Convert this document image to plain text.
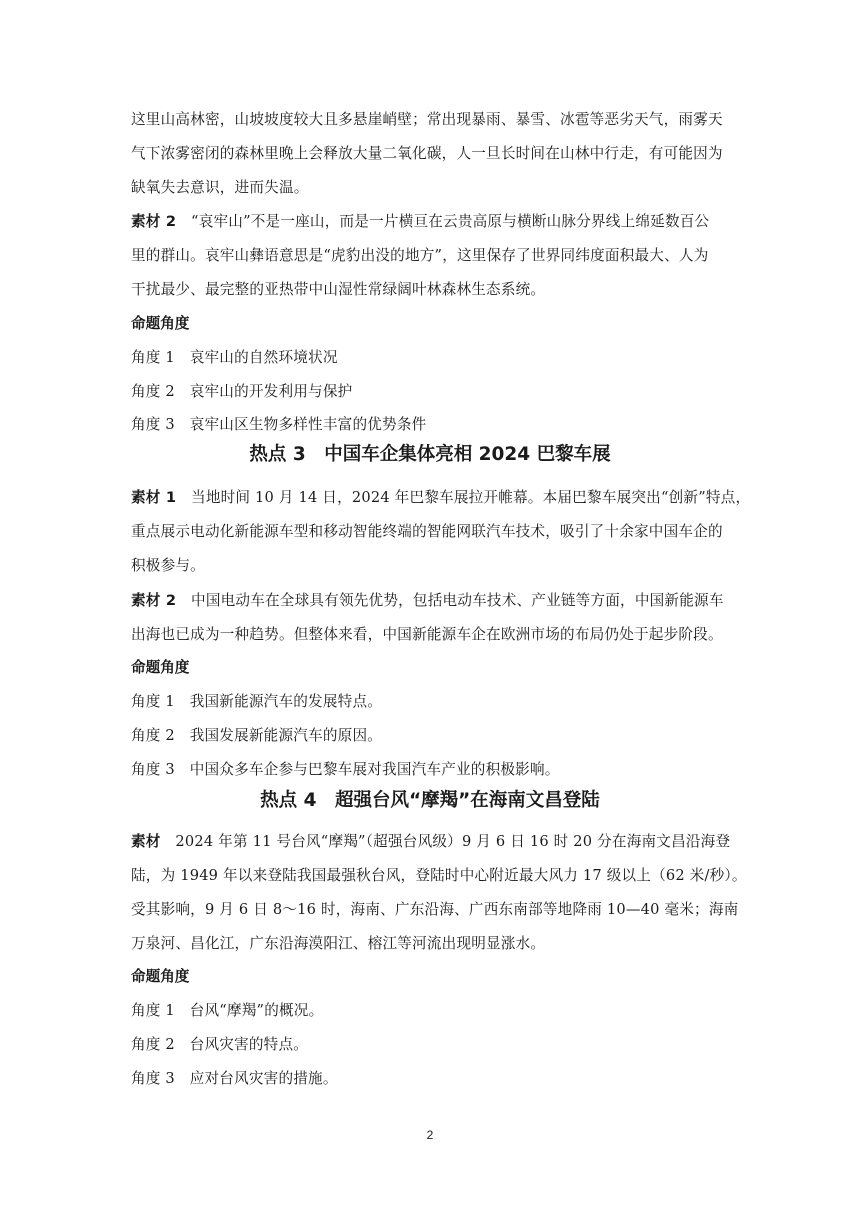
这里山高林密，山坡坡度较大且多悬崖峭壁；常出现暴雨、暴雪、冰雹等恶劣天气，雨雾天
气下浓雾密闭的森林里晚上会释放大量二氧化碳，人一旦长时间在山林中行走，有可能因为
缺氧失去意识，进而失温。
素材 2　“哀牢山”不是一座山，而是一片横亘在云贵高原与横断山脉分界线上绵延数百公
里的群山。哀牢山彝语意思是“虎豹出没的地方”，这里保存了世界同纬度面积最大、人为
干扰最少、最完整的亚热带中山湿性常绿阔叶林森林生态系统。
命题角度
角度 1　哀牢山的自然环境状况
角度 2　哀牢山的开发利用与保护
角度 3　哀牢山区生物多样性丰富的优势条件
热点 3　中国车企集体亮相 2024 巴黎车展
素材 1　当地时间 10 月 14 日，2024 年巴黎车展拉开帷幕。本届巴黎车展突出“创新”特点，
重点展示电动化新能源车型和移动智能终端的智能网联汽车技术，吸引了十余家中国车企的
积极参与。
素材 2　中国电动车在全球具有领先优势，包括电动车技术、产业链等方面，中国新能源车
出海也已成为一种趋势。但整体来看，中国新能源车企在欧洲市场的布局仍处于起步阶段。
命题角度
角度 1　我国新能源汽车的发展特点。
角度 2　我国发展新能源汽车的原因。
角度 3　中国众多车企参与巴黎车展对我国汽车产业的积极影响。
热点 4　超强台风“摩羯”在海南文昌登陆
素材　2024 年第 11 号台风“摩羯”（超强台风级）9 月 6 日 16 时 20 分在海南文昌沿海登
陆，为 1949 年以来登陆我国最强秋台风，登陆时中心附近最大风力 17 级以上（62 米/秒）。
受其影响，9 月 6 日 8～16 时，海南、广东沿海、广西东南部等地降雨 10—40 毫米；海南
万泉河、昌化江，广东沿海漠阳江、榕江等河流出现明显涨水。
命题角度
角度 1　台风“摩羯”的概况。
角度 2　台风灾害的特点。
角度 3　应对台风灾害的措施。
2
